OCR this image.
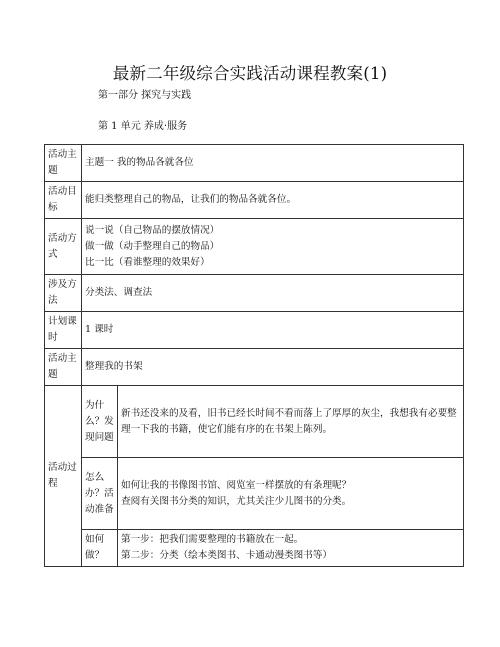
最新二年级综合实践活动课程教案(1)
第一部分 探究与实践
第 1 单元 养成·服务
活动主题	主题一 我的物品各就各位	
活动目标	能归类整理自己的物品，让我们的物品各就各位。	
活动方式	说一说（自己物品的摆放情况）
做一做（动手整理自己的物品）
比一比（看谁整理的效果好）	

涉及方法	分类法、调查法	
计划课时	1 课时	
活动主题	整理我的书架	
活动过程	为什么？发现问题	新书还没来的及看，旧书已经长时间不看而落上了厚厚的灰尘，我想我有必要整理一下我的书籍，使它们能有序的在书架上陈列。
	怎么办？活动准备	如何让我的书像图书馆、阅览室一样摆放的有条理呢？
查阅有关图书分类的知识，尤其关注少儿图书的分类。

	如何做？	第一步：把我们需要整理的书籍放在一起。
第二步：分类（绘本类图书、卡通动漫类图书等）
